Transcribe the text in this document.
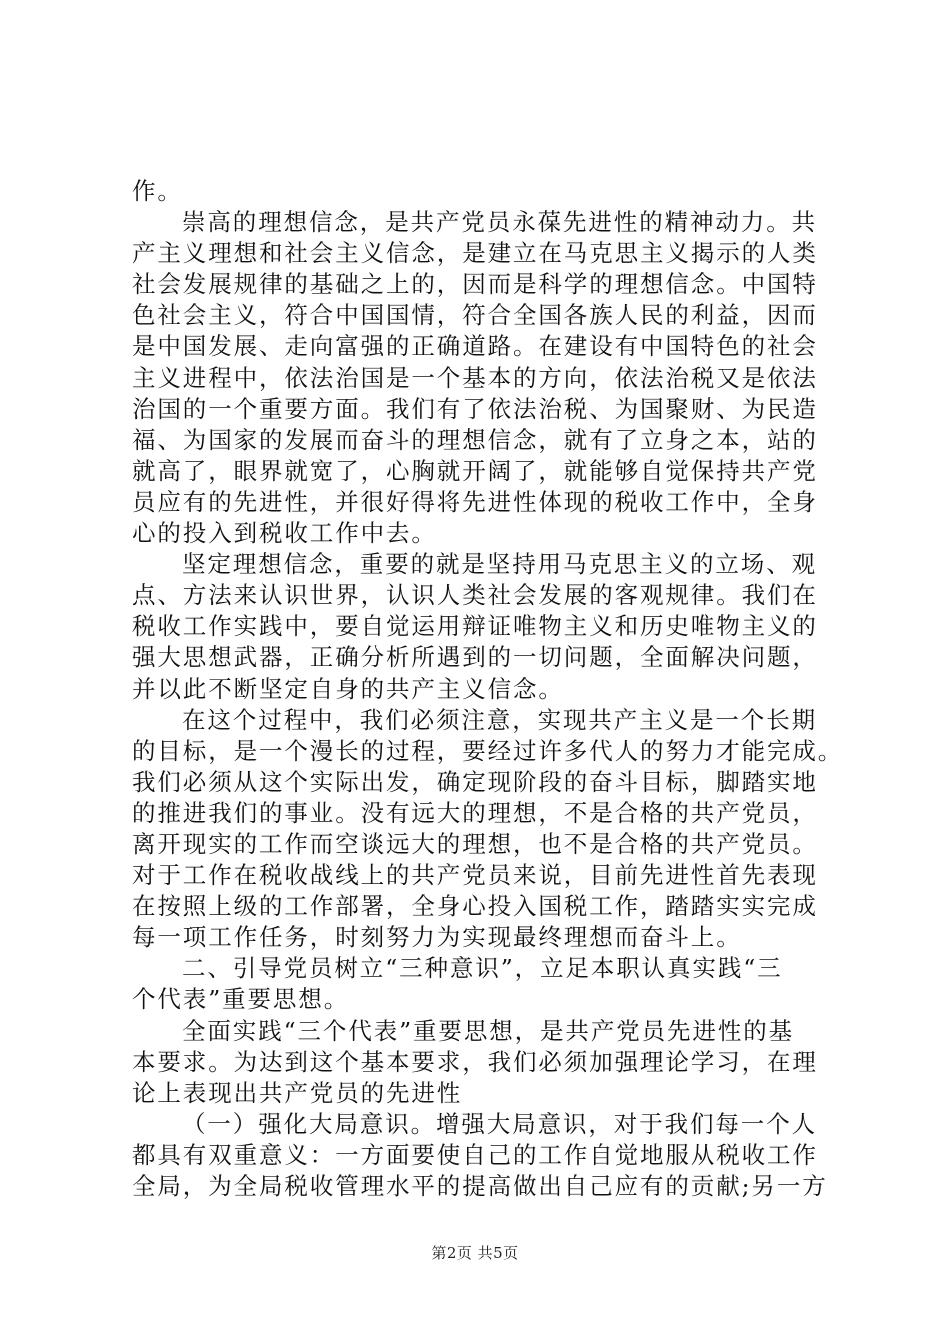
作。
崇高的理想信念，是共产党员永葆先进性的精神动力。共
产主义理想和社会主义信念，是建立在马克思主义揭示的人类
社会发展规律的基础之上的，因而是科学的理想信念。中国特
色社会主义，符合中国国情，符合全国各族人民的利益，因而
是中国发展、走向富强的正确道路。在建设有中国特色的社会
主义进程中，依法治国是一个基本的方向，依法治税又是依法
治国的一个重要方面。我们有了依法治税、为国聚财、为民造
福、为国家的发展而奋斗的理想信念，就有了立身之本，站的
就高了，眼界就宽了，心胸就开阔了，就能够自觉保持共产党
员应有的先进性，并很好得将先进性体现的税收工作中，全身
心的投入到税收工作中去。
坚定理想信念，重要的就是坚持用马克思主义的立场、观
点、方法来认识世界，认识人类社会发展的客观规律。我们在
税收工作实践中，要自觉运用辩证唯物主义和历史唯物主义的
强大思想武器，正确分析所遇到的一切问题，全面解决问题，
并以此不断坚定自身的共产主义信念。
在这个过程中，我们必须注意，实现共产主义是一个长期
的目标，是一个漫长的过程，要经过许多代人的努力才能完成。
我们必须从这个实际出发，确定现阶段的奋斗目标，脚踏实地
的推进我们的事业。没有远大的理想，不是合格的共产党员，
离开现实的工作而空谈远大的理想，也不是合格的共产党员。
对于工作在税收战线上的共产党员来说，目前先进性首先表现
在按照上级的工作部署，全身心投入国税工作，踏踏实实完成
每一项工作任务，时刻努力为实现最终理想而奋斗上。
二、引导党员树立“三种意识”，立足本职认真实践“三
个代表”重要思想。
全面实践“三个代表”重要思想，是共产党员先进性的基
本要求。为达到这个基本要求，我们必须加强理论学习，在理
论上表现出共产党员的先进性
（一）强化大局意识。增强大局意识，对于我们每一个人
都具有双重意义：一方面要使自己的工作自觉地服从税收工作
全局，为全局税收管理水平的提高做出自己应有的贡献;另一方
第2页 共5页
